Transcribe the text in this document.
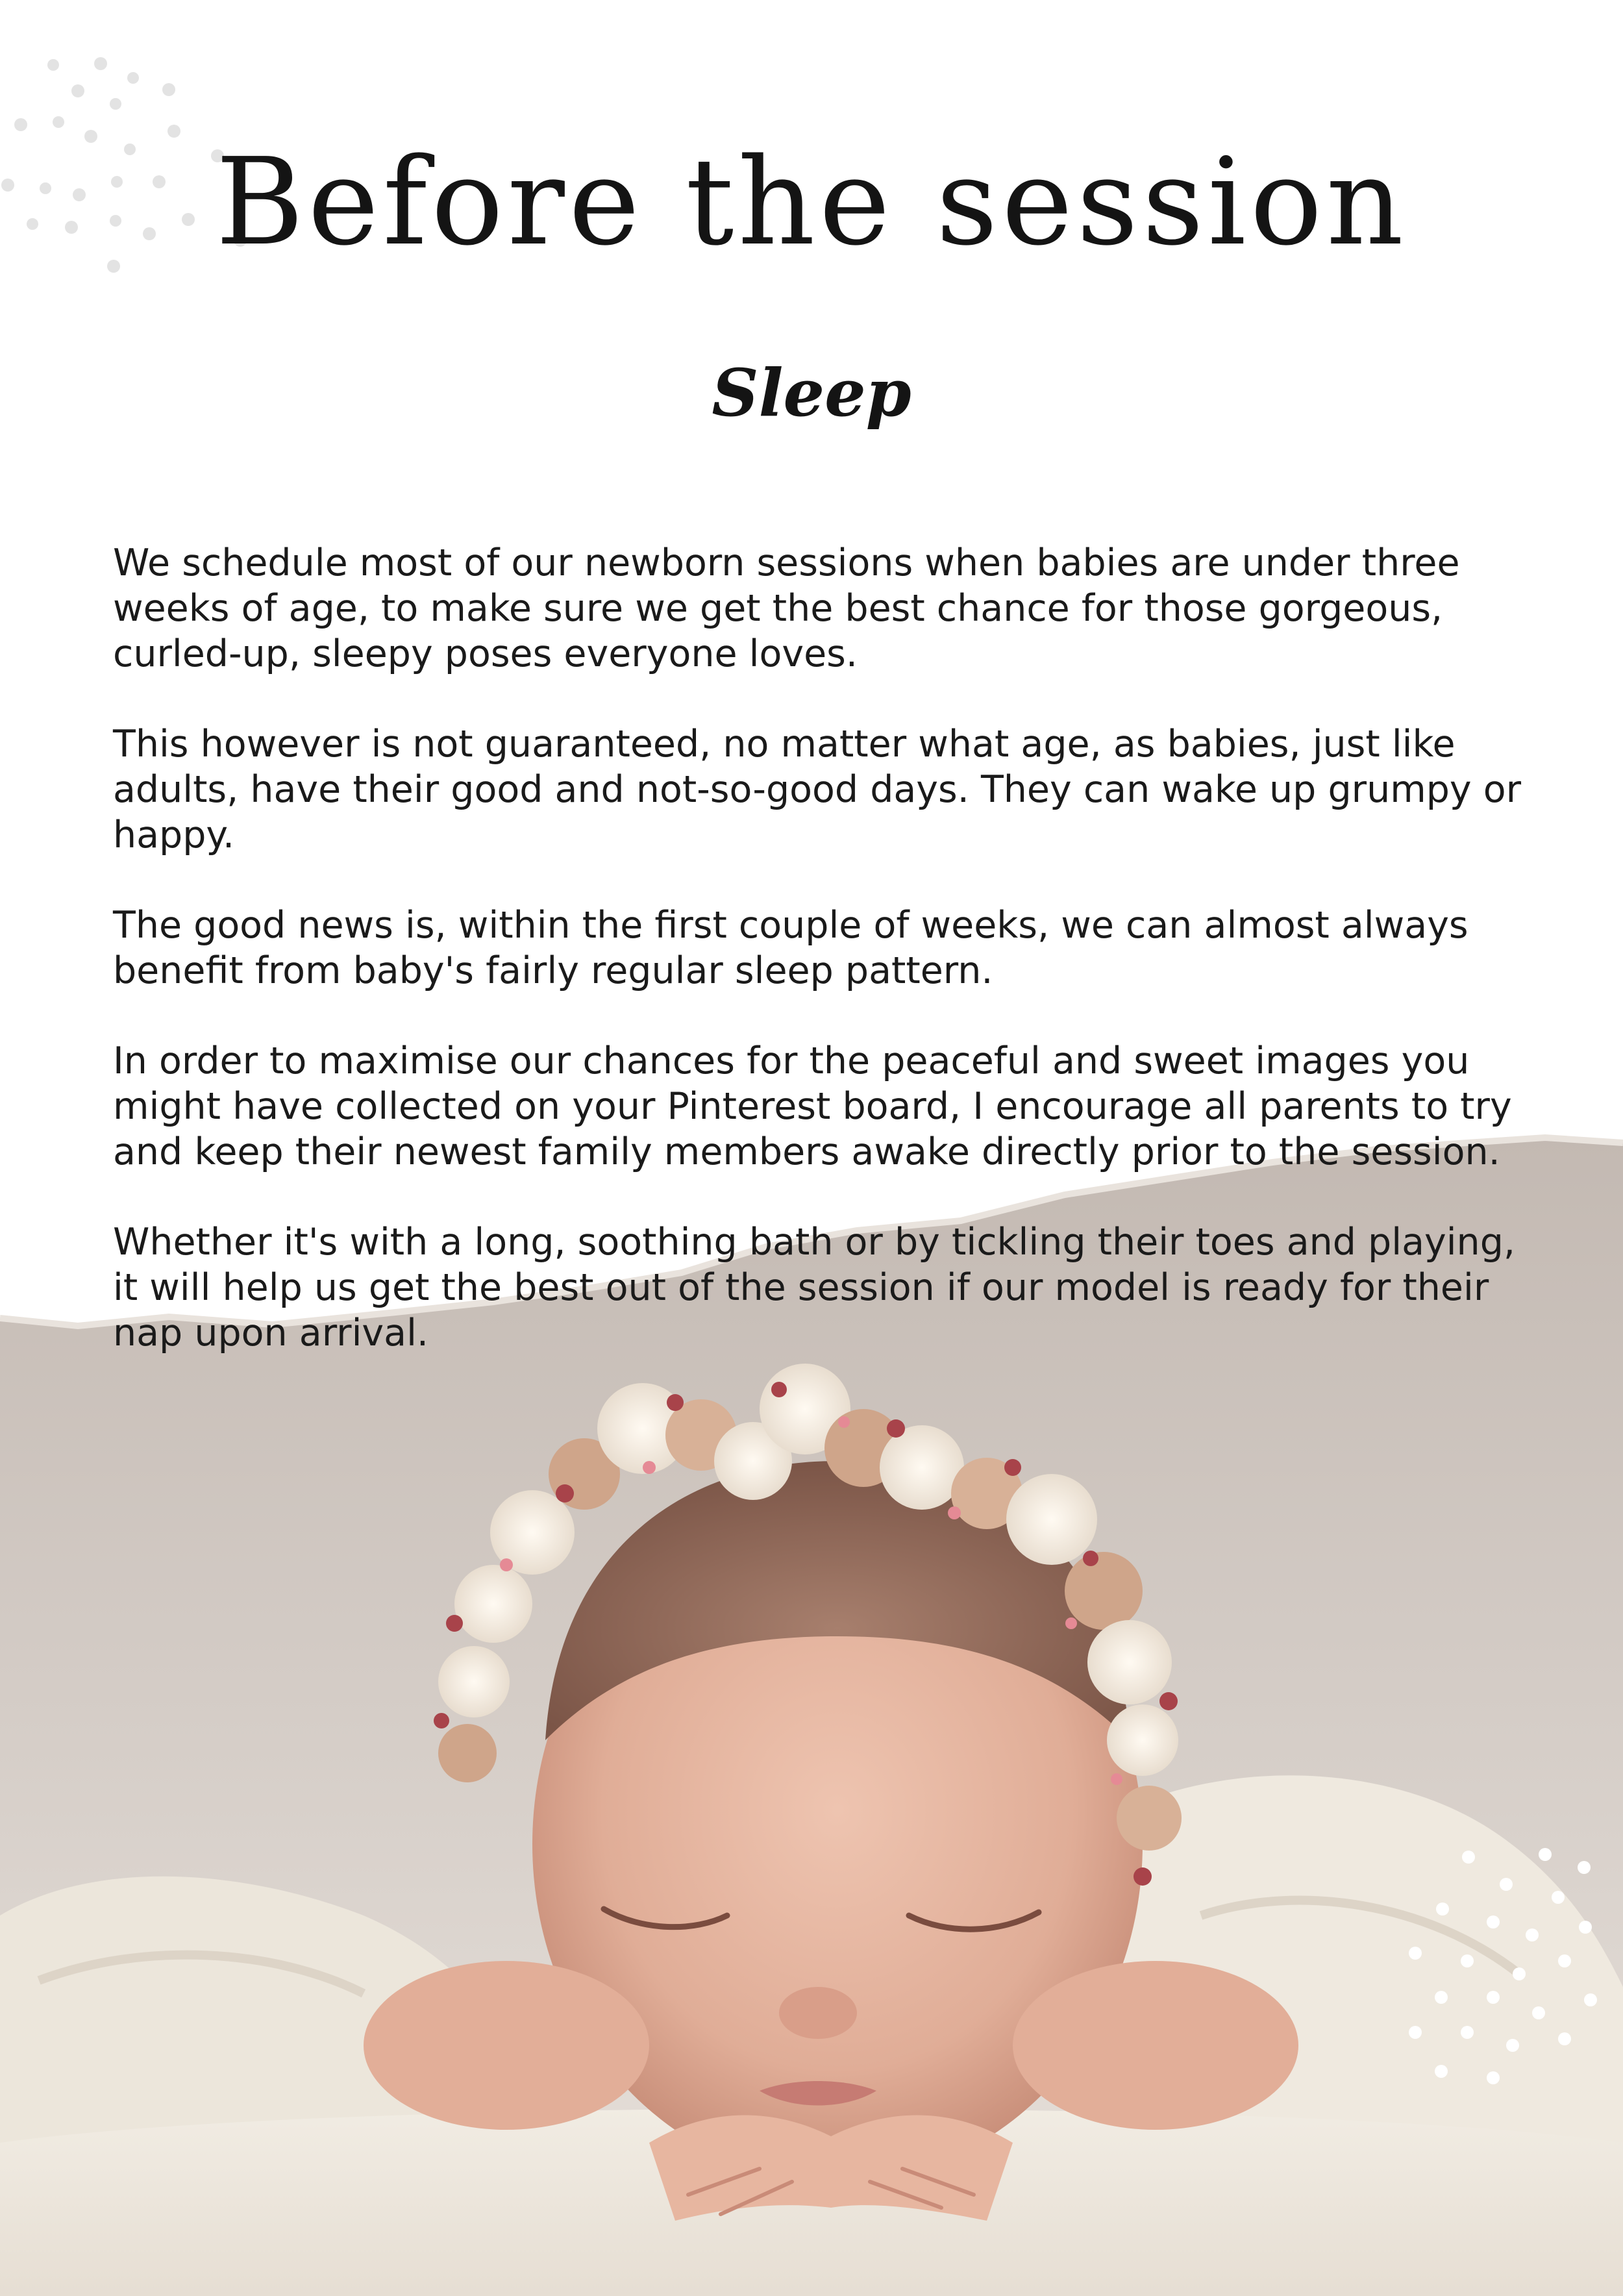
Before the session
Sleep

We schedule most of our newborn sessions when babies are under three weeks of age, to make sure we get the best chance for those gorgeous, curled-up, sleepy poses everyone loves.

This however is not guaranteed, no matter what age, as babies, just like adults, have their good and not-so-good days. They can wake up grumpy or happy.

The good news is, within the first couple of weeks, we can almost always benefit from baby's fairly regular sleep pattern.

In order to maximise our chances for the peaceful and sweet images you might have collected on your Pinterest board, I encourage all parents to try and keep their newest family members awake directly prior to the session.

Whether it's with a long, soothing bath or by tickling their toes and playing, it will help us get the best out of the session if our model is ready for their nap upon arrival.
